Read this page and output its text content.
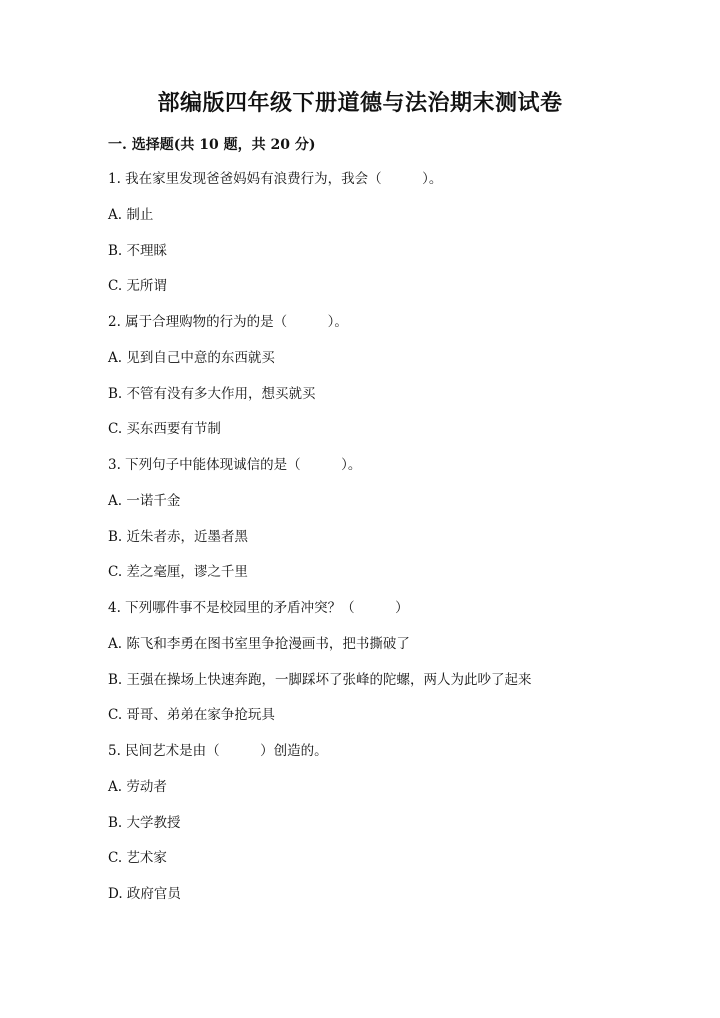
部编版四年级下册道德与法治期末测试卷
一. 选择题(共 10 题，共 20 分)
1. 我在家里发现爸爸妈妈有浪费行为，我会（　　　）。
A. 制止
B. 不理睬
C. 无所谓
2. 属于合理购物的行为的是（　　　）。
A. 见到自己中意的东西就买
B. 不管有没有多大作用，想买就买
C. 买东西要有节制
3. 下列句子中能体现诚信的是（　　　）。
A. 一诺千金
B. 近朱者赤，近墨者黑
C. 差之毫厘，谬之千里
4. 下列哪件事不是校园里的矛盾冲突？（　　　）
A. 陈飞和李勇在图书室里争抢漫画书，把书撕破了
B. 王强在操场上快速奔跑，一脚踩坏了张峰的陀螺，两人为此吵了起来
C. 哥哥、弟弟在家争抢玩具
5. 民间艺术是由（　　　）创造的。
A. 劳动者
B. 大学教授
C. 艺术家
D. 政府官员
